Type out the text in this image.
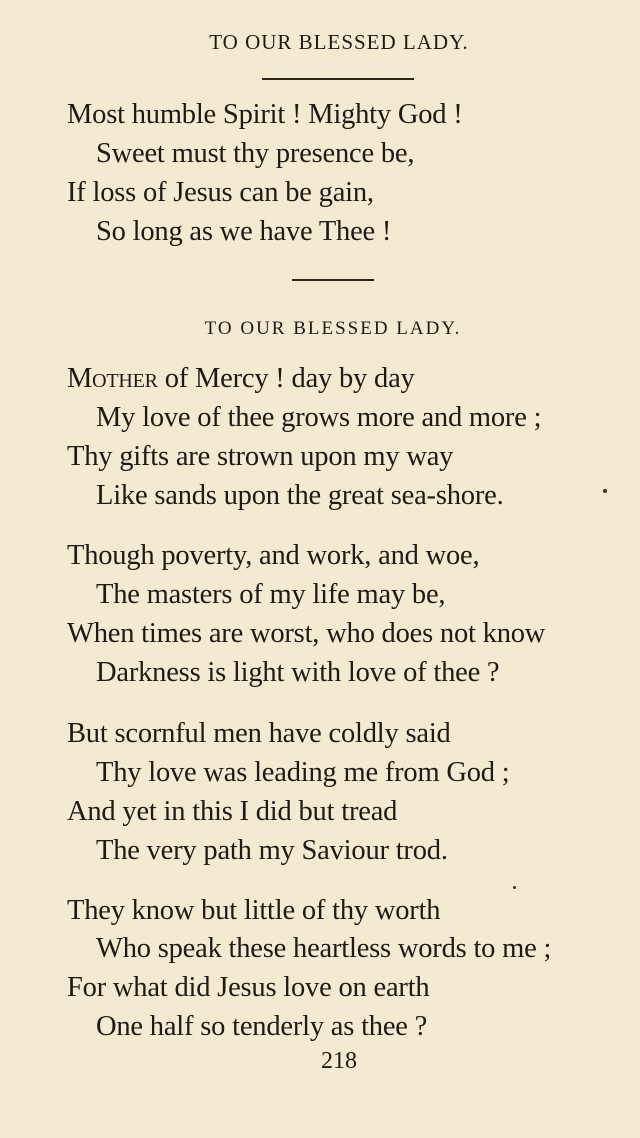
TO OUR BLESSED LADY.
Most humble Spirit ! Mighty God !
Sweet must thy presence be,
If loss of Jesus can be gain,
So long as we have Thee !
TO OUR BLESSED LADY.
Mother of Mercy ! day by day
My love of thee grows more and more ;
Thy gifts are strown upon my way
Like sands upon the great sea-shore.
Though poverty, and work, and woe,
The masters of my life may be,
When times are worst, who does not know
Darkness is light with love of thee ?
But scornful men have coldly said
Thy love was leading me from God ;
And yet in this I did but tread
The very path my Saviour trod.
They know but little of thy worth
Who speak these heartless words to me ;
For what did Jesus love on earth
One half so tenderly as thee ?
218
